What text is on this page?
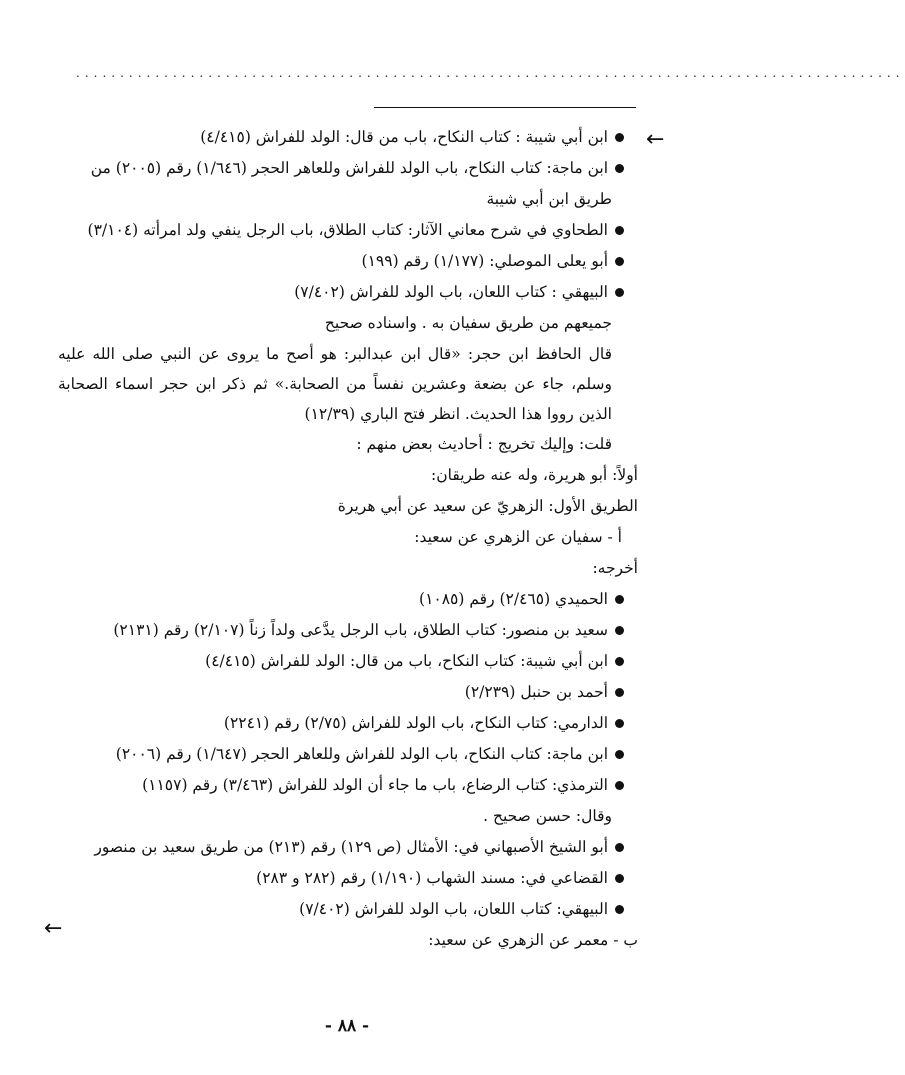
..............................................................................................
←
←
ابن أبي شيبة : كتاب النكاح، باب من قال: الولد للفراش (٤/٤١٥)
ابن ماجة: كتاب النكاح، باب الولد للفراش وللعاهر الحجر (١/٦٤٦) رقم (٢٠٠٥) من
طريق ابن أبي شيبة
الطحاوي في شرح معاني الآثار: كتاب الطلاق، باب الرجل ينفي ولد امرأته (٣/١٠٤)
أبو يعلى الموصلي: (١/١٧٧) رقم (١٩٩)
البيهقي : كتاب اللعان، باب الولد للفراش (٧/٤٠٢)
جميعهم من طريق سفيان به . واسناده صحيح
قال الحافظ ابن حجر: «قال ابن عبدالبر: هو أصح ما يروى عن النبي صلى الله عليه وسلم، جاء عن بضعة وعشرين نفساً من الصحابة.» ثم ذكر ابن حجر اسماء الصحابة الذين رووا هذا الحديث. انظر فتح الباري (١٢/٣٩)
قلت: وإليك تخريج : أحاديث بعض منهم :
أولاً: أبو هريرة، وله عنه طريقان:
الطريق الأول: الزهريّ عن سعيد عن أبي هريرة
أ - سفيان عن الزهري عن سعيد:
أخرجه:
الحميدي (٢/٤٦٥) رقم (١٠٨٥)
سعيد بن منصور: كتاب الطلاق، باب الرجل يدَّعى ولداً زناً (٢/١٠٧) رقم (٢١٣١)
ابن أبي شيبة: كتاب النكاح، باب من قال: الولد للفراش (٤/٤١٥)
أحمد بن حنبل (٢/٢٣٩)
الدارمي: كتاب النكاح، باب الولد للفراش (٢/٧٥) رقم (٢٢٤١)
ابن ماجة: كتاب النكاح، باب الولد للفراش وللعاهر الحجر (١/٦٤٧) رقم (٢٠٠٦)
الترمذي: كتاب الرضاع، باب ما جاء أن الولد للفراش (٣/٤٦٣) رقم (١١٥٧)
وقال: حسن صحيح .
أبو الشيخ الأصبهاني في: الأمثال (ص ١٢٩) رقم (٢١٣) من طريق سعيد بن منصور
القضاعي في: مسند الشهاب (١/١٩٠) رقم (٢٨٢ و ٢٨٣)
البيهقي: كتاب اللعان، باب الولد للفراش (٧/٤٠٢)
ب - معمر عن الزهري عن سعيد:
- ٨٨ -
